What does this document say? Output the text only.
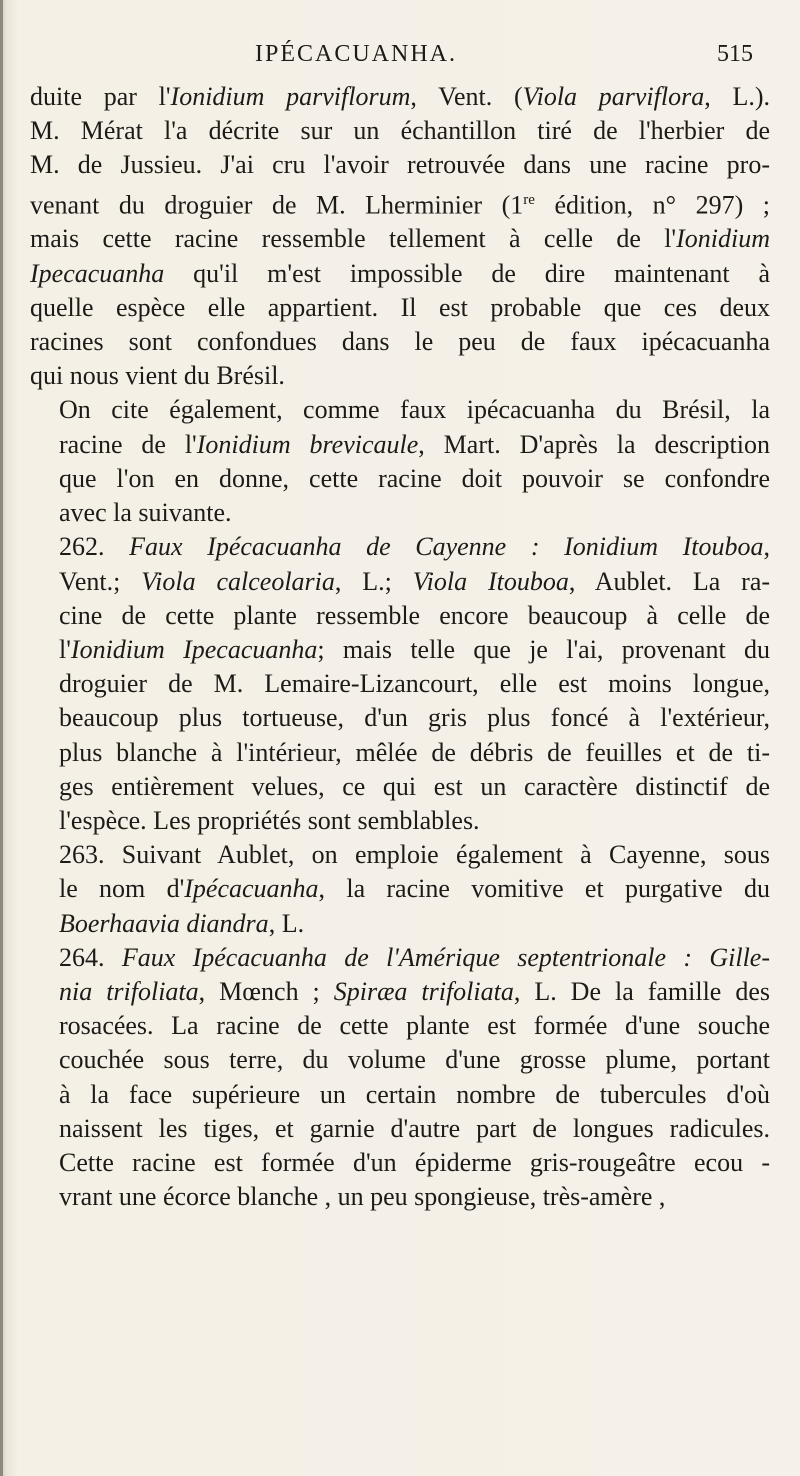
IPÉCACUANHA.	515

duite par l'Ionidium parviflorum, Vent. (Viola parviflora, L.).
M. Mérat l'a décrite sur un échantillon tiré de l'herbier de
M. de Jussieu. J'ai cru l'avoir retrouvée dans une racine pro-
venant du droguier de M. Lherminier (1re édition, n° 297) ;
mais cette racine ressemble tellement à celle de l'Ionidium
Ipecacuanha qu'il m'est impossible de dire maintenant à
quelle espèce elle appartient. Il est probable que ces deux
racines sont confondues dans le peu de faux ipécacuanha
qui nous vient du Brésil.

On cite également, comme faux ipécacuanha du Brésil, la
racine de l'Ionidium brevicaule, Mart. D'après la description
que l'on en donne, cette racine doit pouvoir se confondre
avec la suivante.

262. Faux Ipécacuanha de Cayenne : Ionidium Itouboa,
Vent.; Viola calceolaria, L.; Viola Itouboa, Aublet. La ra-
cine de cette plante ressemble encore beaucoup à celle de
l'Ionidium Ipecacuanha; mais telle que je l'ai, provenant du
droguier de M. Lemaire-Lizancourt, elle est moins longue,
beaucoup plus tortueuse, d'un gris plus foncé à l'extérieur,
plus blanche à l'intérieur, mêlée de débris de feuilles et de ti-
ges entièrement velues, ce qui est un caractère distinctif de
l'espèce. Les propriétés sont semblables.

263. Suivant Aublet, on emploie également à Cayenne, sous
le nom d'Ipécacuanha, la racine vomitive et purgative du
Boerhaavia diandra, L.

264. Faux Ipécacuanha de l'Amérique septentrionale : Gille-
nia trifoliata, Mœnch ; Spiræa trifoliata, L. De la famille des
rosacées. La racine de cette plante est formée d'une souche
couchée sous terre, du volume d'une grosse plume, portant
à la face supérieure un certain nombre de tubercules d'où
naissent les tiges, et garnie d'autre part de longues radicules.
Cette racine est formée d'un épiderme gris-rougeâtre ecou -
vrant une écorce blanche , un peu spongieuse, très-amère ,
